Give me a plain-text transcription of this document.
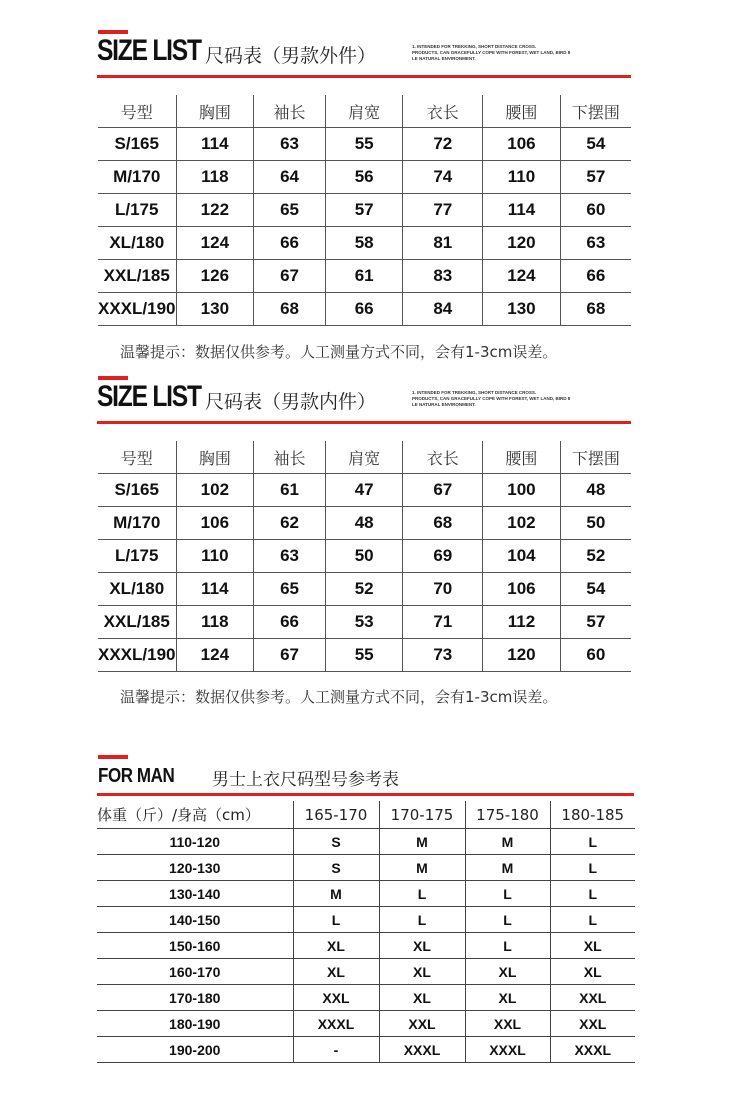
SIZE LIST 尺码表（男款外件）	1. INTENDED FOR TREKKING, SHORT DISTANCE CROSS.
PRODUCTS, CAN GRACEFULLY COPE WITH FOREST, WET LAND, BIRD 8
LE NATURAL ENVIRONMENT.
号型	胸围	袖长	肩宽	衣长	腰围	下摆围
S/165	114	63	55	72	106	54
M/170	118	64	56	74	110	57
L/175	122	65	57	77	114	60
XL/180	124	66	58	81	120	63
XXL/185	126	67	61	83	124	66
XXXL/190	130	68	66	84	130	68
温馨提示：数据仅供参考。人工测量方式不同，会有1-3cm误差。
SIZE LIST 尺码表（男款内件）	1. INTENDED FOR TREKKING, SHORT DISTANCE CROSS.
PRODUCTS, CAN GRACEFULLY COPE WITH FOREST, WET LAND, BIRD 8
LE NATURAL ENVIRONMENT.
号型	胸围	袖长	肩宽	衣长	腰围	下摆围
S/165	102	61	47	67	100	48
M/170	106	62	48	68	102	50
L/175	110	63	50	69	104	52
XL/180	114	65	52	70	106	54
XXL/185	118	66	53	71	112	57
XXXL/190	124	67	55	73	120	60
温馨提示：数据仅供参考。人工测量方式不同，会有1-3cm误差。
FOR MAN 男士上衣尺码型号参考表
体重（斤）/身高（cm）	165-170	170-175	175-180	180-185
110-120	S	M	M	L
120-130	S	M	M	L
130-140	M	L	L	L
140-150	L	L	L	L
150-160	XL	XL	L	XL
160-170	XL	XL	XL	XL
170-180	XXL	XL	XL	XXL
180-190	XXXL	XXL	XXL	XXL
190-200	-	XXXL	XXXL	XXXL
